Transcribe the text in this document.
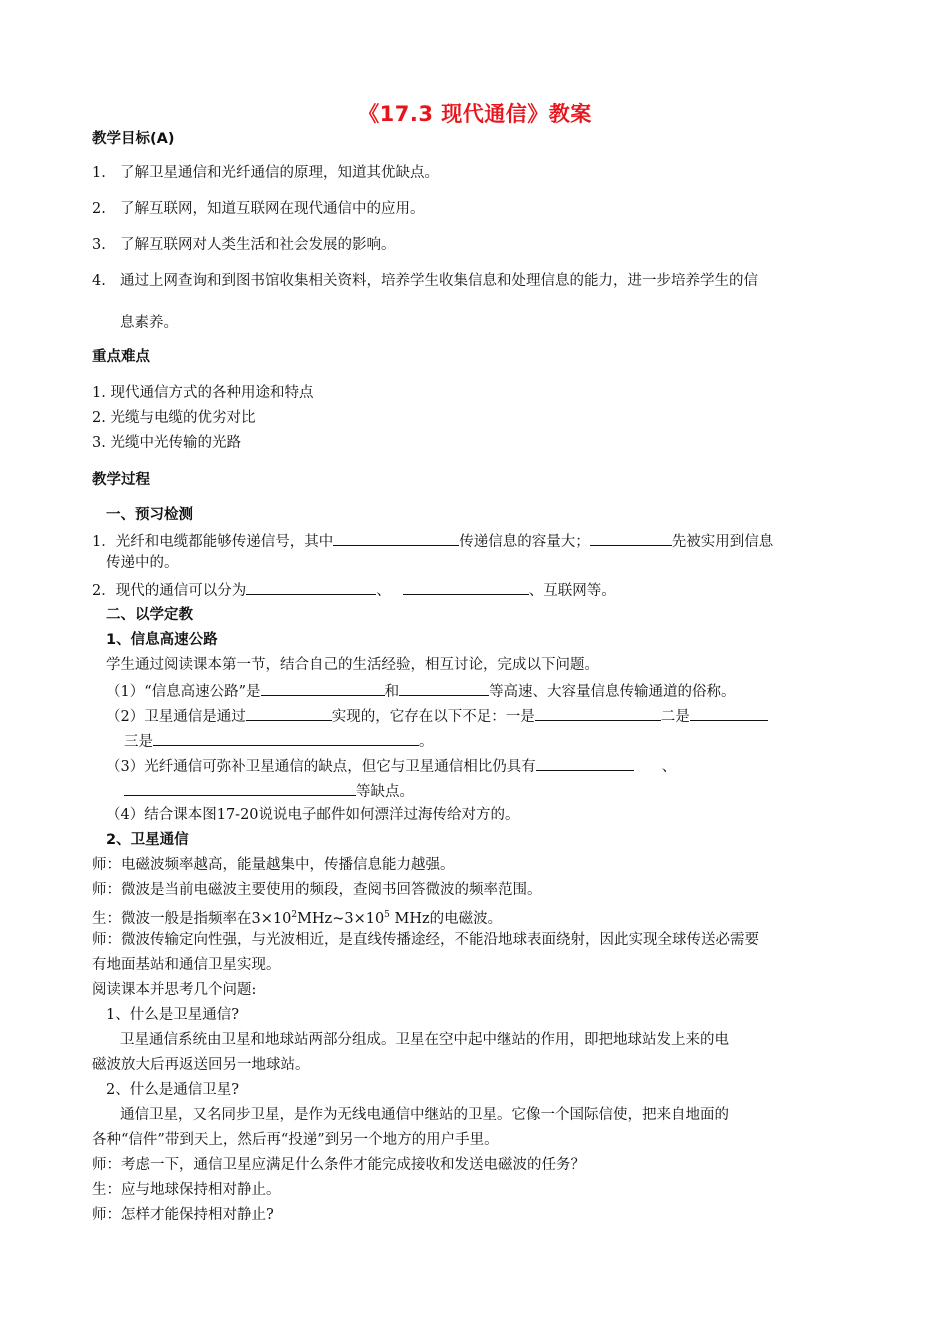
《17.3 现代通信》教案
教学目标(A)
1. 了解卫星通信和光纤通信的原理，知道其优缺点。
2. 了解互联网，知道互联网在现代通信中的应用。
3. 了解互联网对人类生活和社会发展的影响。
4. 通过上网查询和到图书馆收集相关资料，培养学生收集信息和处理信息的能力，进一步培养学生的信
息素养。
重点难点
1. 现代通信方式的各种用途和特点
2. 光缆与电缆的优劣对比
3. 光缆中光传输的光路
教学过程
一、预习检测
1．光纤和电缆都能够传递信号，其中	传递信息的容量大；	先被实用到信息
传递中的。
2．现代的通信可以分为	、	、互联网等。
二、以学定教
1、信息高速公路
学生通过阅读课本第一节，结合自己的生活经验，相互讨论，完成以下问题。
（1）“信息高速公路”是	和	等高速、大容量信息传输通道的俗称。
（2）卫星通信是通过	实现的，它存在以下不足：一是	二是
三是	。
（3）光纤通信可弥补卫星通信的缺点，但它与卫星通信相比仍具有	、
等缺点。
（4）结合课本图17-20说说电子邮件如何漂洋过海传给对方的。
2、卫星通信
师：电磁波频率越高，能量越集中，传播信息能力越强。
师：微波是当前电磁波主要使用的频段，查阅书回答微波的频率范围。
生：微波一般是指频率在$3\times 10^2MHz\sim 3\times 10^5$ MHz的电磁波。
师：微波传输定向性强，与光波相近，是直线传播途经，不能沿地球表面绕射，因此实现全球传送必需要
有地面基站和通信卫星实现。
阅读课本并思考几个问题:
1、什么是卫星通信?
卫星通信系统由卫星和地球站两部分组成。卫星在空中起中继站的作用，即把地球站发上来的电
磁波放大后再返送回另一地球站。
2、什么是通信卫星?
通信卫星，又名同步卫星，是作为无线电通信中继站的卫星。它像一个国际信使，把来自地面的
各种“信件”带到天上，然后再“投递”到另一个地方的用户手里。
师：考虑一下，通信卫星应满足什么条件才能完成接收和发送电磁波的任务？
生：应与地球保持相对静止。
师：怎样才能保持相对静止?
